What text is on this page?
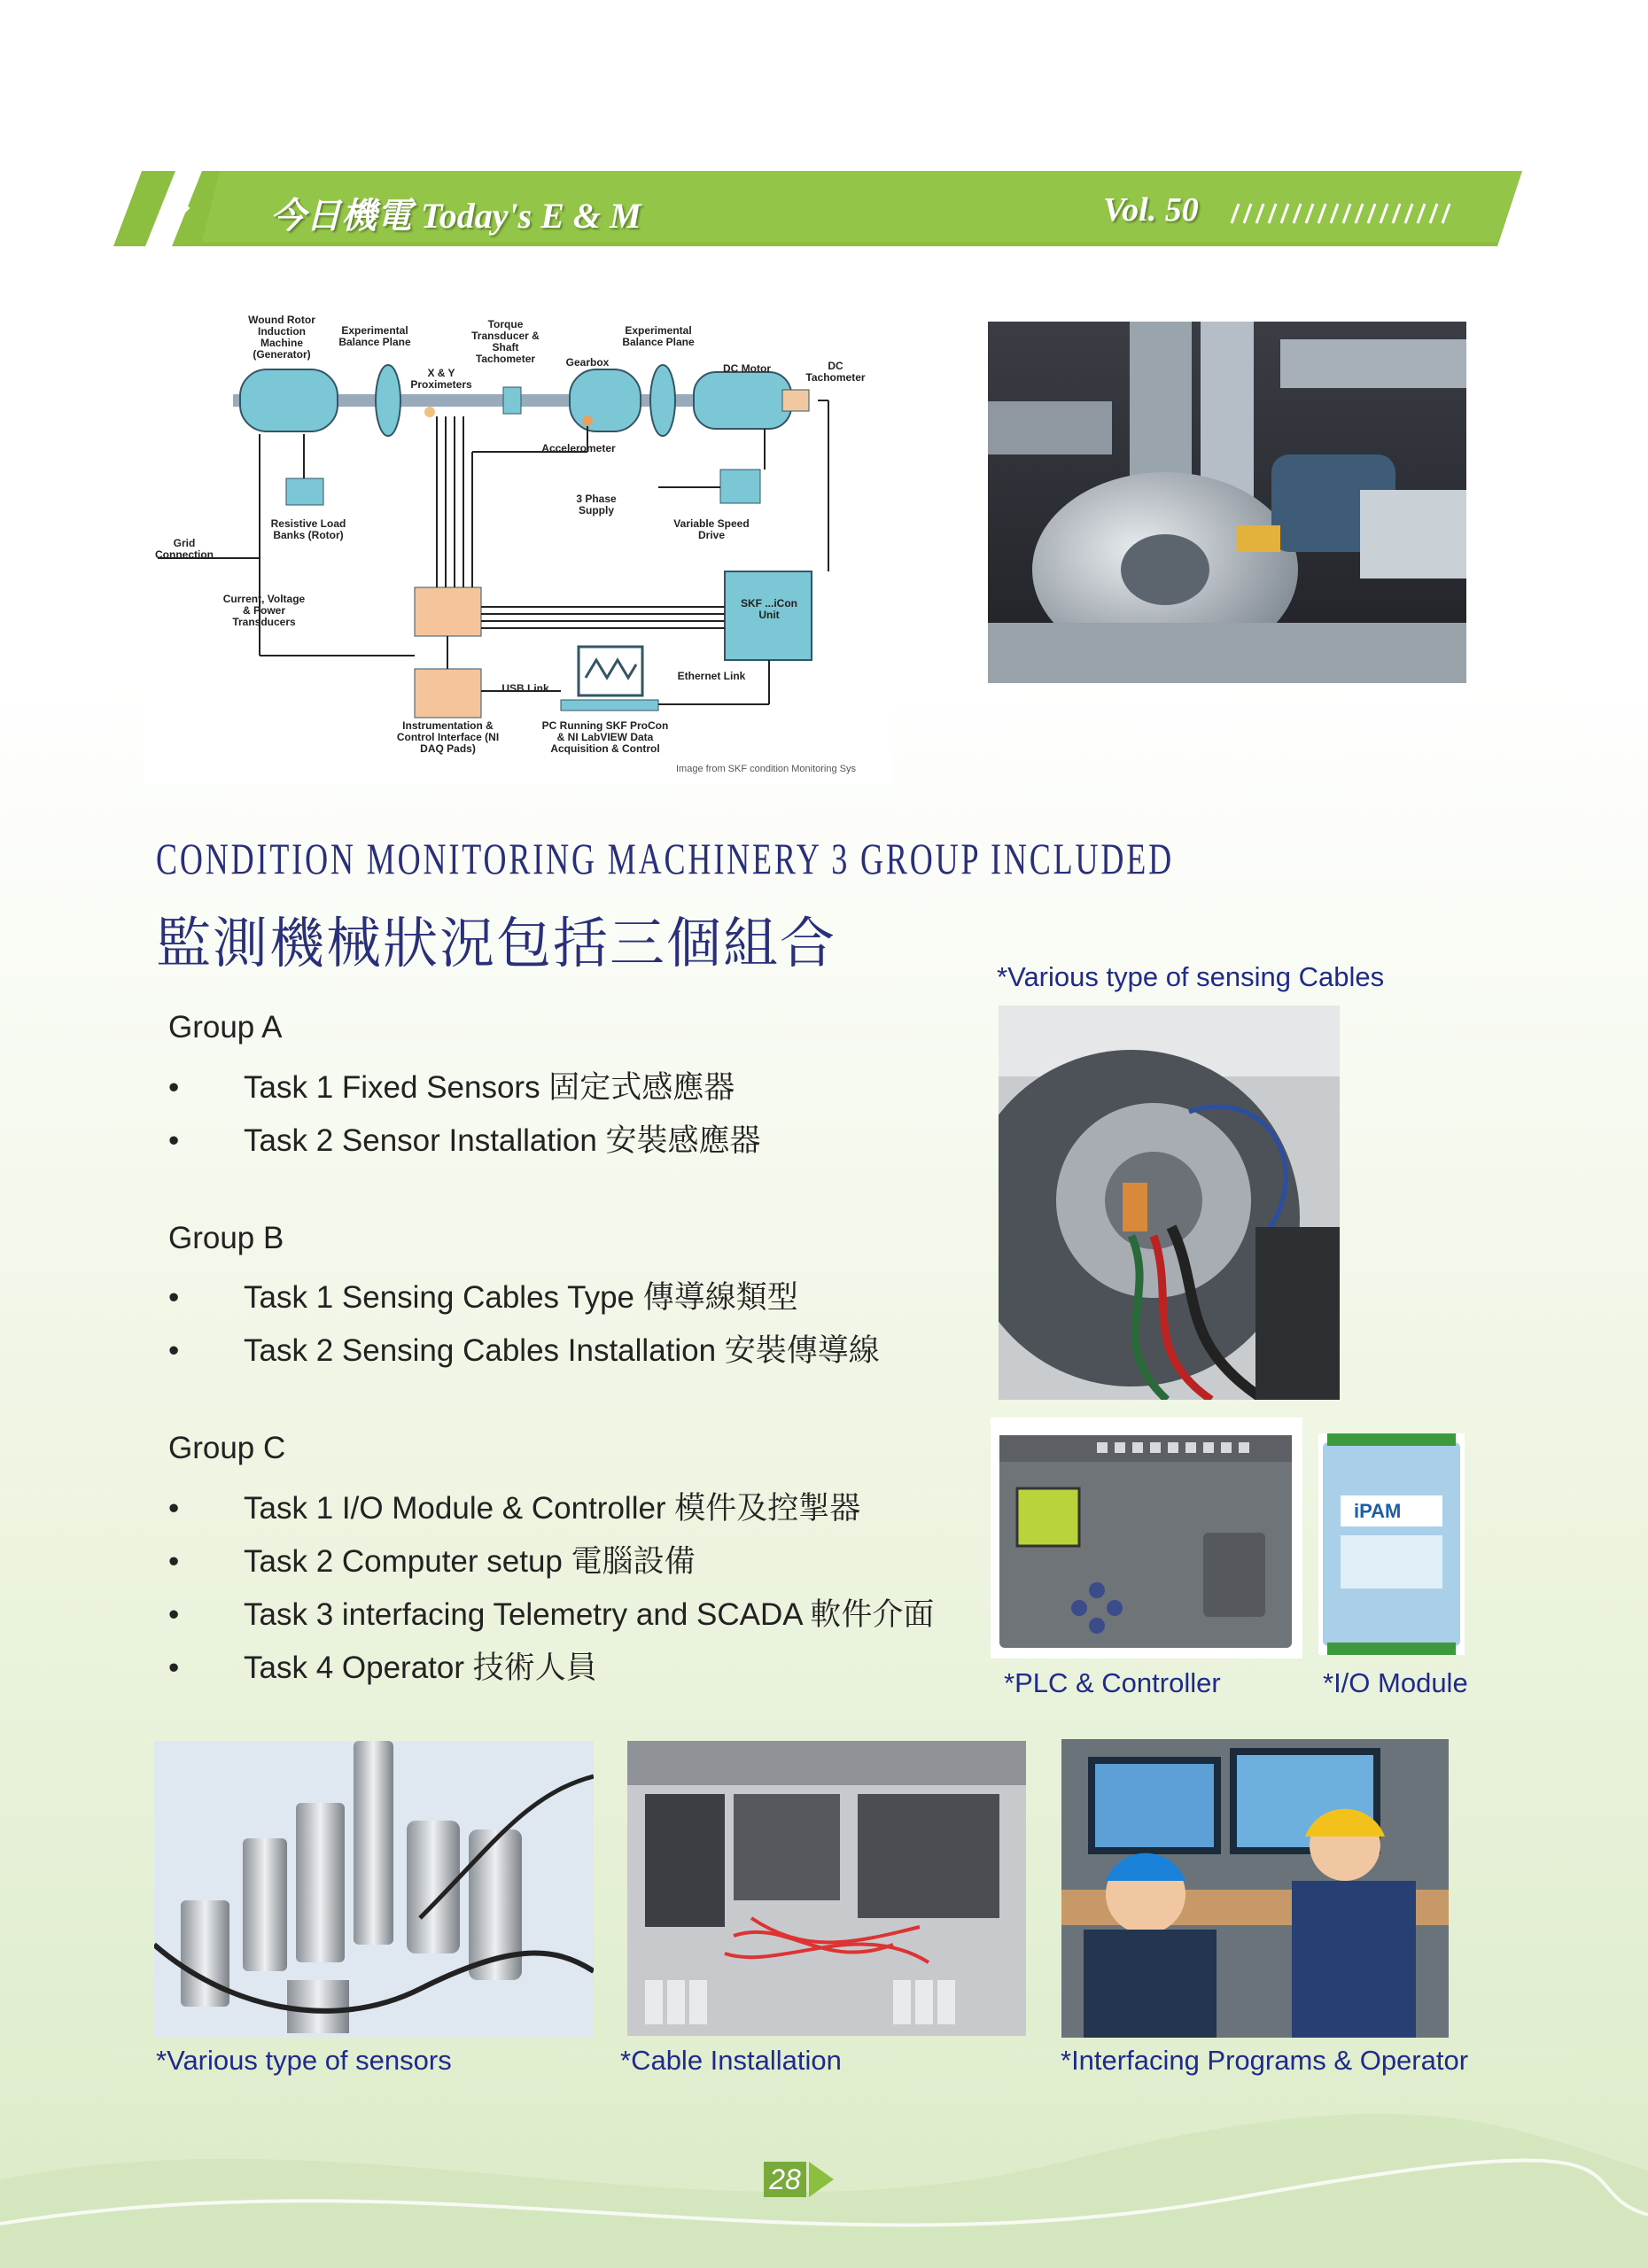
今日機電 Today's E & M	Vol. 50
Wound Rotor Induction Machine (Generator)
Experimental Balance Plane
Torque Transducer & Shaft Tachometer
Experimental Balance Plane
X & Y Proximeters
Gearbox	DC Motor	DC Tachometer
Accelerometer
3 Phase Supply
Variable Speed Drive
Resistive Load Banks (Rotor)
Grid Connection
Current, Voltage & Power Transducers
SKF ...iCon Unit
USB Link
Ethernet Link
Instrumentation & Control Interface (NI DAQ Pads)
PC Running SKF ProCon & NI LabVIEW Data Acquisition & Control
Image from SKF condition Monitoring Sys
CONDITION MONITORING MACHINERY 3 GROUP INCLUDED
監測機械狀況包括三個組合
Group A
• Task 1 Fixed Sensors 固定式感應器
• Task 2 Sensor Installation 安裝感應器
Group B
• Task 1 Sensing Cables Type 傳導線類型
• Task 2 Sensing Cables Installation 安裝傳導線
Group C
• Task 1 I/O Module & Controller 模件及控掣器
• Task 2 Computer setup 電腦設備
• Task 3 interfacing Telemetry and SCADA 軟件介面
• Task 4 Operator 技術人員
*Various type of sensing Cables
iPAM
*PLC & Controller	*I/O Module
*Various type of sensors	*Cable Installation	*Interfacing Programs & Operator
28
